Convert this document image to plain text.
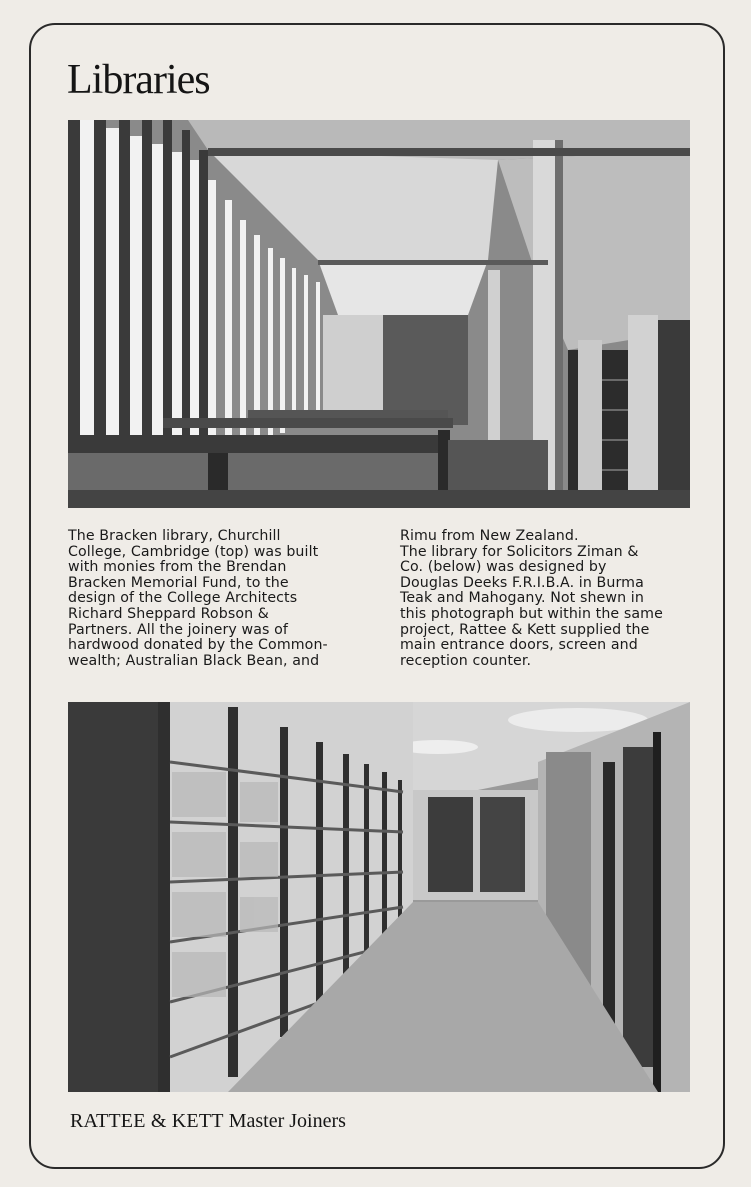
Libraries
The Bracken library, Churchill
College, Cambridge (top) was built
with monies from the Brendan
Bracken Memorial Fund, to the
design of the College Architects
Richard Sheppard Robson &
Partners. All the joinery was of
hardwood donated by the Common-
wealth; Australian Black Bean, and
Rimu from New Zealand.
The library for Solicitors Ziman &
Co. (below) was designed by
Douglas Deeks F.R.I.B.A. in Burma
Teak and Mahogany. Not shewn in
this photograph but within the same
project, Rattee & Kett supplied the
main entrance doors, screen and
reception counter.
RATTEE & KETT Master Joiners
